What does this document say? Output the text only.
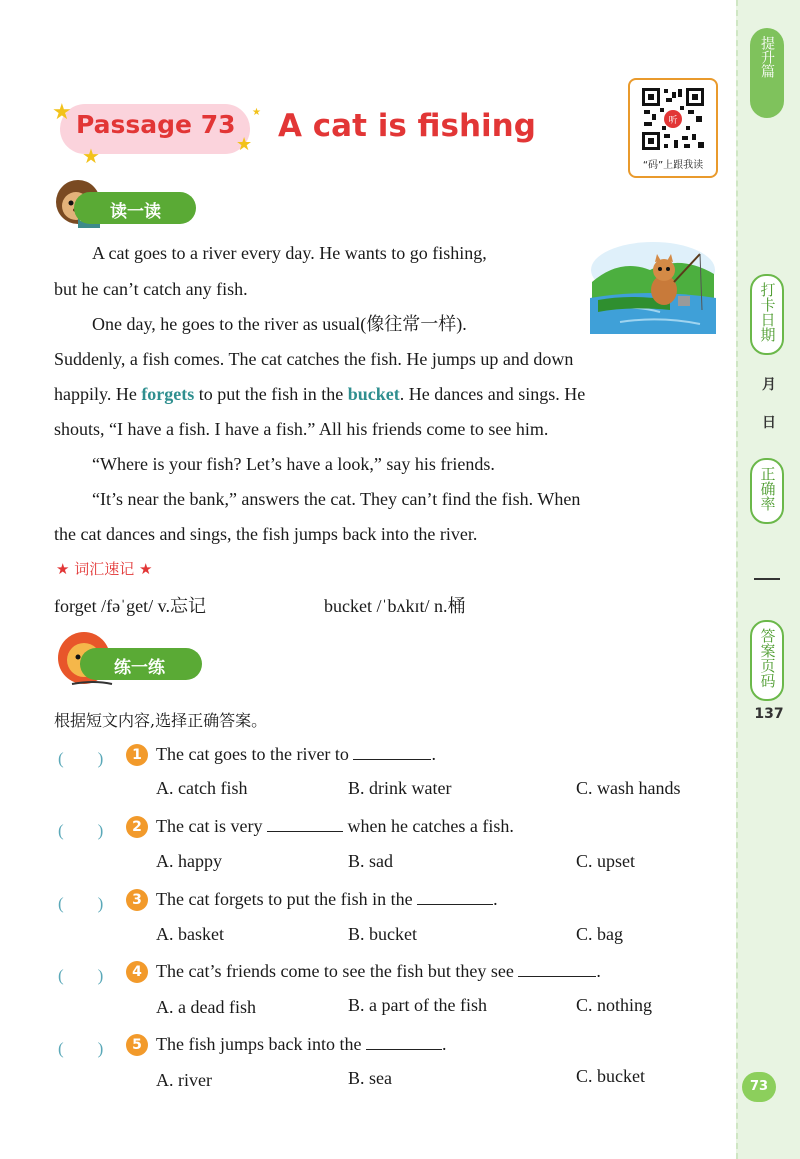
提升篇
打卡日期
月
日
正确率
答案页码
137
★
★	★
★
Passage 73 A cat is fishing	听
“码”上跟我读
读一读
A cat goes to a river every day. He wants to go fishing,
but he can’t catch any fish.
One day, he goes to the river as usual(像往常一样).
Suddenly, a fish comes. The cat catches the fish. He jumps up and down
happily. He forgets to put the fish in the bucket. He dances and sings. He
shouts, “I have a fish. I have a fish.” All his friends come to see him.
“Where is your fish? Let’s have a look,” say his friends.
“It’s near the bank,” answers the cat. They can’t find the fish. When
the cat dances and sings, the fish jumps back into the river.
★ 词汇速记 ★
forget /fəˈget/ v.忘记	bucket /ˈbʌkɪt/ n.桶
练一练
根据短文内容,选择正确答案。
(　　)	1 The cat goes to the river to	.
A. catch fish	B. drink water	C. wash hands
(　　)	2 The cat is very	when he catches a fish.
A. happy	B. sad	C. upset
(　　)	3 The cat forgets to put the fish in the	.
A. basket	B. bucket	C. bag
(　　)	4 The cat’s friends come to see the fish but they see	.
A. a dead fish	B. a part of the fish	C. nothing
(　　)	5 The fish jumps back into the	.
A. river	B. sea	C. bucket
73
